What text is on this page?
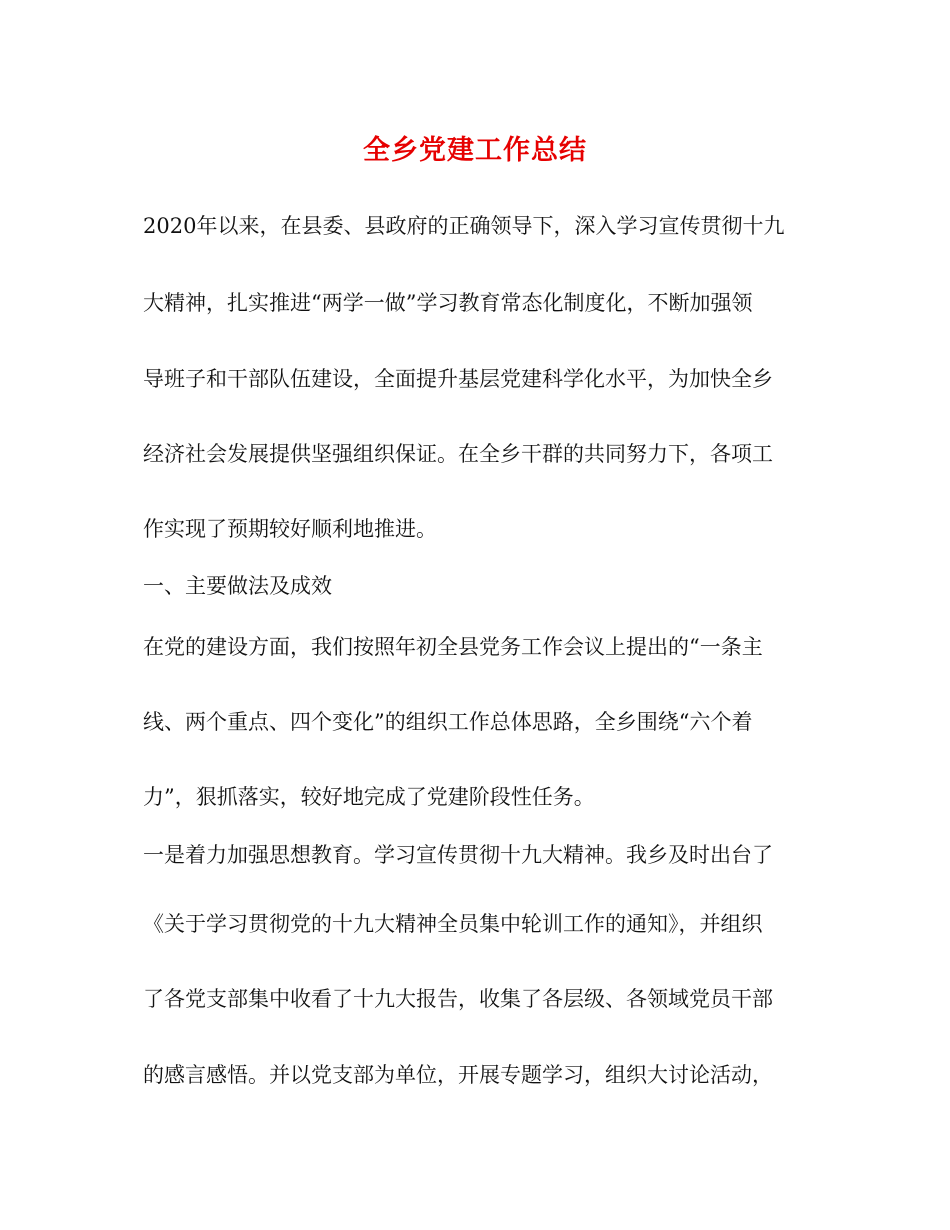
全乡党建工作总结

2020年以来，在县委、县政府的正确领导下，深入学习宣传贯彻十九

大精神，扎实推进“两学一做”学习教育常态化制度化，不断加强领

导班子和干部队伍建设，全面提升基层党建科学化水平，为加快全乡

经济社会发展提供坚强组织保证。在全乡干群的共同努力下，各项工

作实现了预期较好顺利地推进。

一、主要做法及成效

在党的建设方面，我们按照年初全县党务工作会议上提出的“一条主

线、两个重点、四个变化”的组织工作总体思路，全乡围绕“六个着

力”，狠抓落实，较好地完成了党建阶段性任务。

一是着力加强思想教育。学习宣传贯彻十九大精神。我乡及时出台了

《关于学习贯彻党的十九大精神全员集中轮训工作的通知》，并组织

了各党支部集中收看了十九大报告，收集了各层级、各领域党员干部

的感言感悟。并以党支部为单位，开展专题学习，组织大讨论活动，
